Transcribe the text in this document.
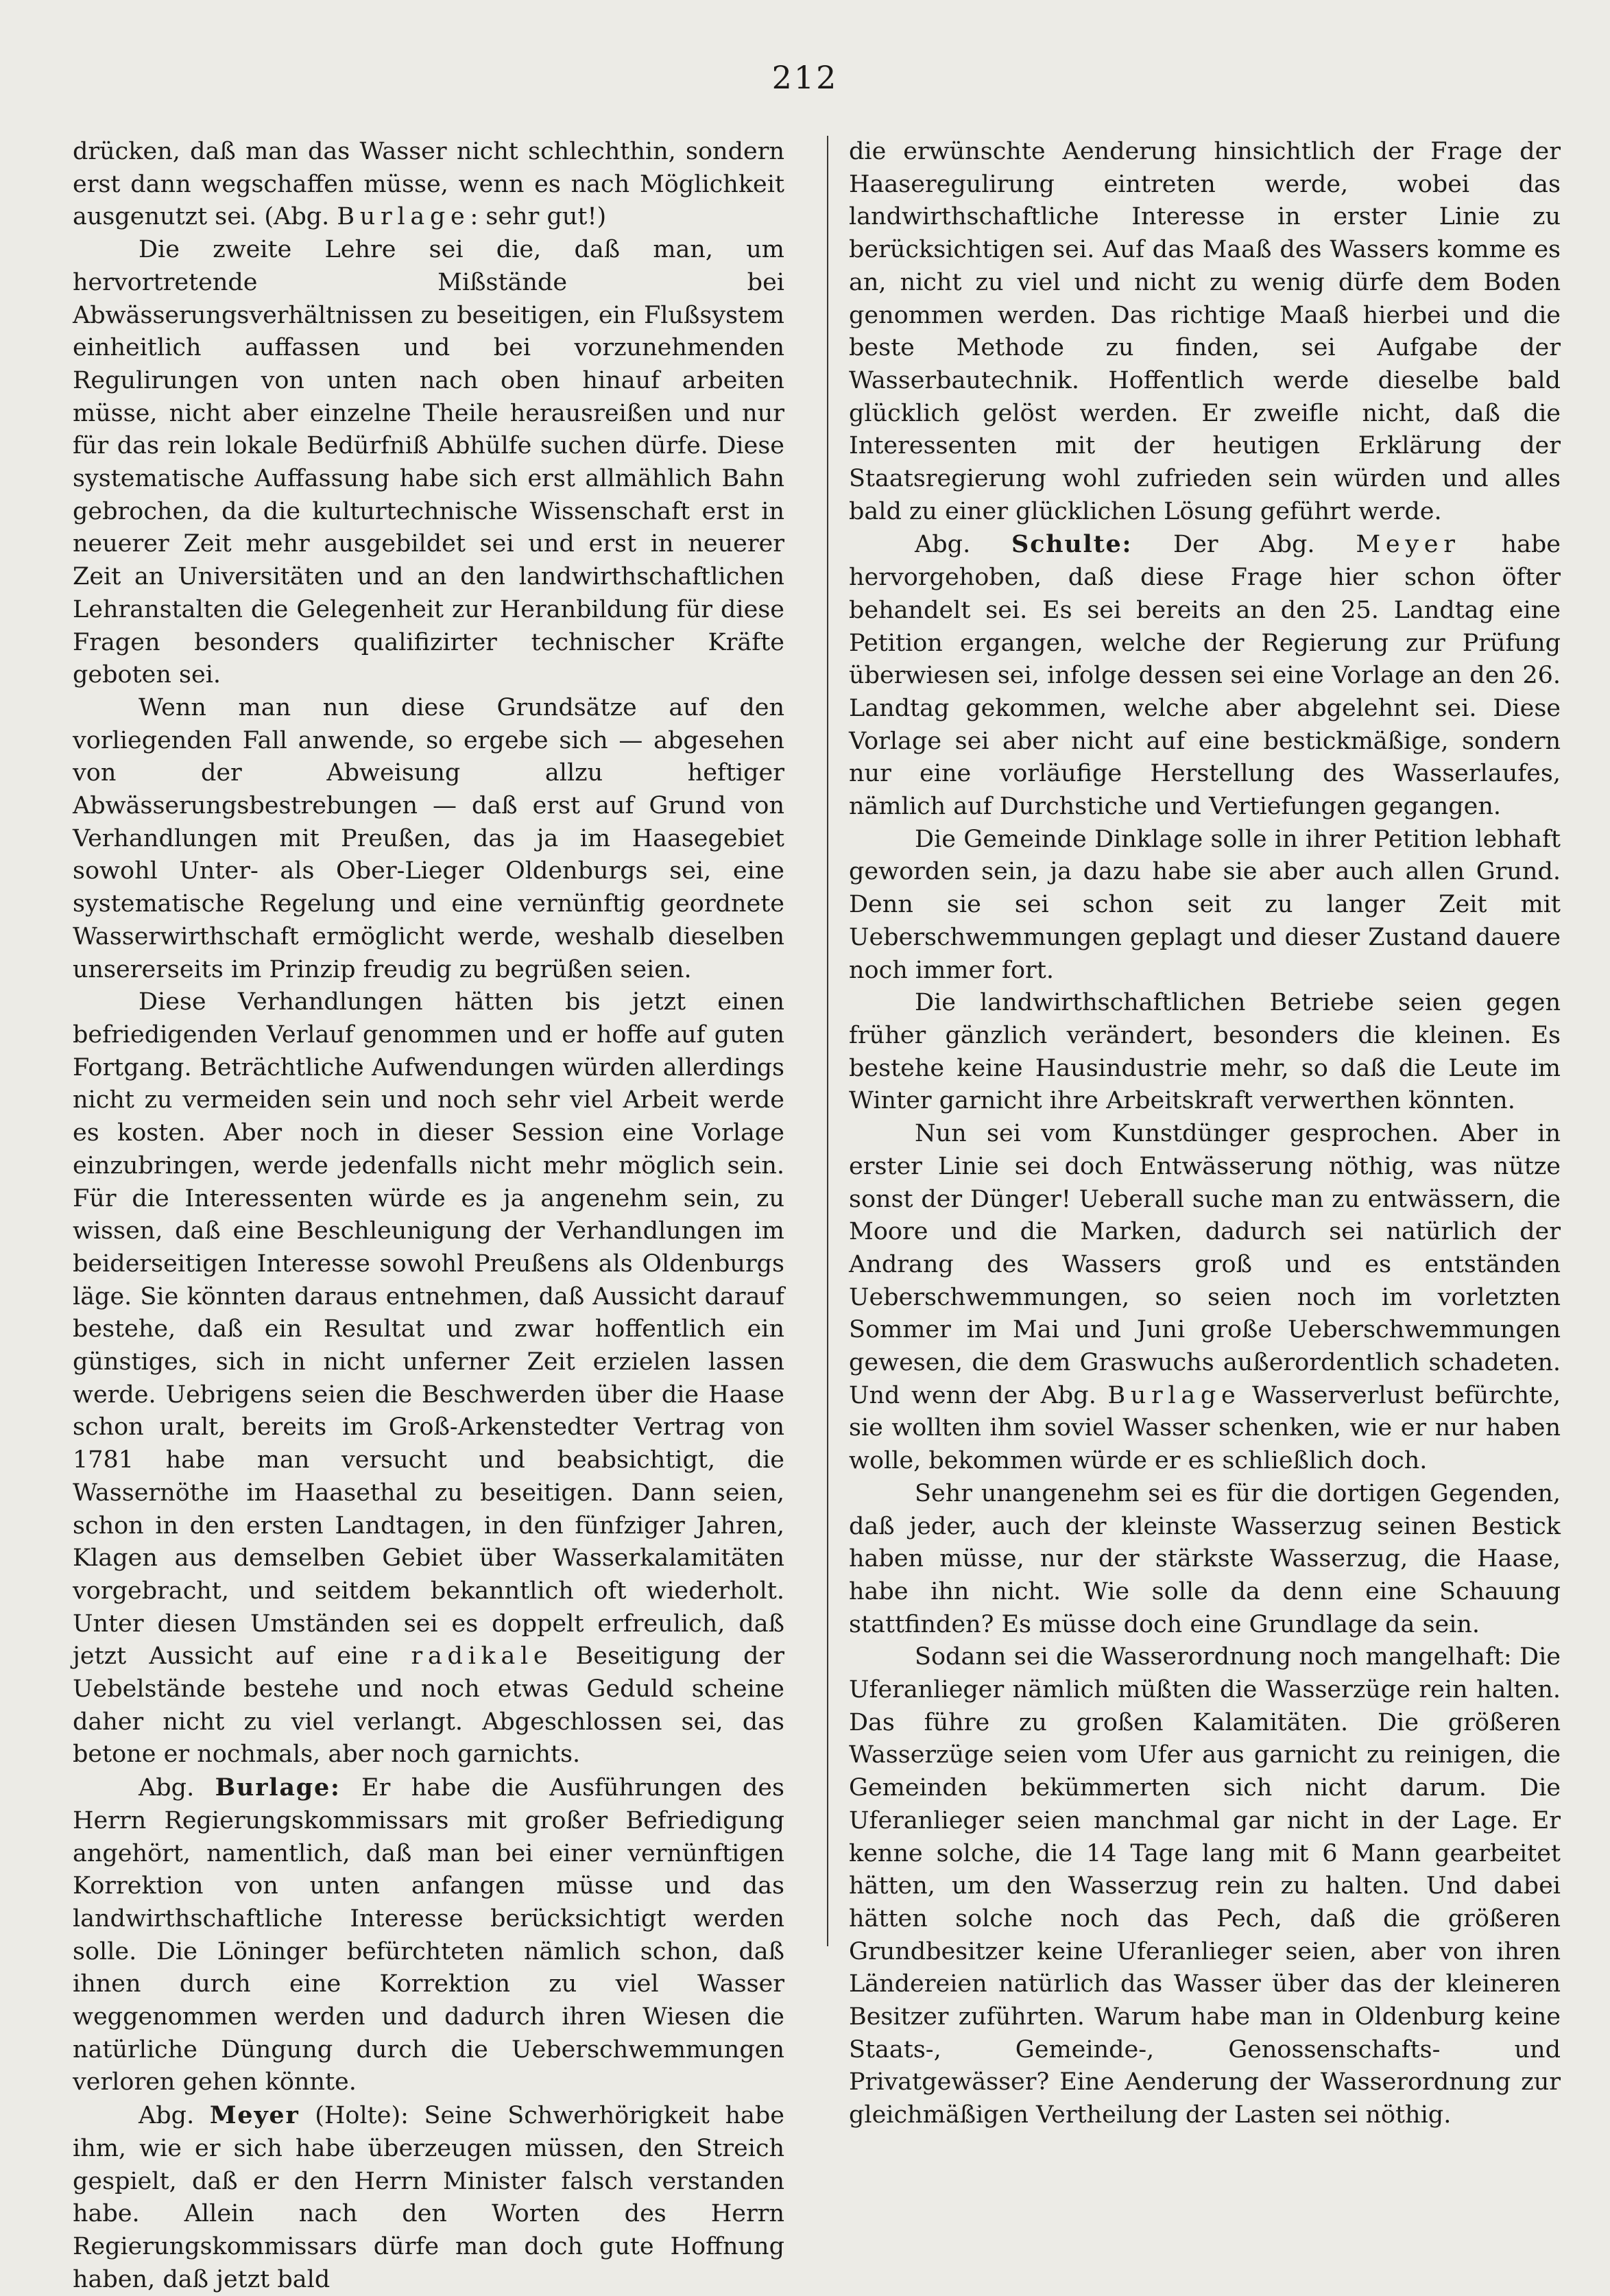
212

drücken, daß man das Wasser nicht schlechthin, sondern erst dann wegschaffen müsse, wenn es nach Möglichkeit ausgenutzt sei. (Abg. Burlage: sehr gut!)

Die zweite Lehre sei die, daß man, um hervortretende Mißstände bei Abwässerungsverhältnissen zu beseitigen, ein Flußsystem einheitlich auffassen und bei vorzunehmenden Regulirungen von unten nach oben hinauf arbeiten müsse, nicht aber einzelne Theile herausreißen und nur für das rein lokale Bedürfniß Abhülfe suchen dürfe. Diese systematische Auffassung habe sich erst allmählich Bahn gebrochen, da die kulturtechnische Wissenschaft erst in neuerer Zeit mehr ausgebildet sei und erst in neuerer Zeit an Universitäten und an den landwirthschaftlichen Lehranstalten die Gelegenheit zur Heranbildung für diese Fragen besonders qualifizirter technischer Kräfte geboten sei.

Wenn man nun diese Grundsätze auf den vorliegenden Fall anwende, so ergebe sich — abgesehen von der Abweisung allzu heftiger Abwässerungsbestrebungen — daß erst auf Grund von Verhandlungen mit Preußen, das ja im Haasegebiet sowohl Unter- als Ober-Lieger Oldenburgs sei, eine systematische Regelung und eine vernünftig geordnete Wasserwirthschaft ermöglicht werde, weshalb dieselben unsererseits im Prinzip freudig zu begrüßen seien.

Diese Verhandlungen hätten bis jetzt einen befriedigenden Verlauf genommen und er hoffe auf guten Fortgang. Beträchtliche Aufwendungen würden allerdings nicht zu vermeiden sein und noch sehr viel Arbeit werde es kosten. Aber noch in dieser Session eine Vorlage einzubringen, werde jedenfalls nicht mehr möglich sein. Für die Interessenten würde es ja angenehm sein, zu wissen, daß eine Beschleunigung der Verhandlungen im beiderseitigen Interesse sowohl Preußens als Oldenburgs läge. Sie könnten daraus entnehmen, daß Aussicht darauf bestehe, daß ein Resultat und zwar hoffentlich ein günstiges, sich in nicht unferner Zeit erzielen lassen werde. Uebrigens seien die Beschwerden über die Haase schon uralt, bereits im Groß-Arkenstedter Vertrag von 1781 habe man versucht und beabsichtigt, die Wassernöthe im Haasethal zu beseitigen. Dann seien, schon in den ersten Landtagen, in den fünfziger Jahren, Klagen aus demselben Gebiet über Wasserkalamitäten vorgebracht, und seitdem bekanntlich oft wiederholt. Unter diesen Umständen sei es doppelt erfreulich, daß jetzt Aussicht auf eine radikale Beseitigung der Uebelstände bestehe und noch etwas Geduld scheine daher nicht zu viel verlangt. Abgeschlossen sei, das betone er nochmals, aber noch garnichts.

Abg. Burlage: Er habe die Ausführungen des Herrn Regierungskommissars mit großer Befriedigung angehört, namentlich, daß man bei einer vernünftigen Korrektion von unten anfangen müsse und das landwirthschaftliche Interesse berücksichtigt werden solle. Die Löninger befürchteten nämlich schon, daß ihnen durch eine Korrektion zu viel Wasser weggenommen werden und dadurch ihren Wiesen die natürliche Düngung durch die Ueberschwemmungen verloren gehen könnte.

Abg. Meyer (Holte): Seine Schwerhörigkeit habe ihm, wie er sich habe überzeugen müssen, den Streich gespielt, daß er den Herrn Minister falsch verstanden habe. Allein nach den Worten des Herrn Regierungskommissars dürfe man doch gute Hoffnung haben, daß jetzt bald

die erwünschte Aenderung hinsichtlich der Frage der Haaseregulirung eintreten werde, wobei das landwirthschaftliche Interesse in erster Linie zu berücksichtigen sei. Auf das Maaß des Wassers komme es an, nicht zu viel und nicht zu wenig dürfe dem Boden genommen werden. Das richtige Maaß hierbei und die beste Methode zu finden, sei Aufgabe der Wasserbautechnik. Hoffentlich werde dieselbe bald glücklich gelöst werden. Er zweifle nicht, daß die Interessenten mit der heutigen Erklärung der Staatsregierung wohl zufrieden sein würden und alles bald zu einer glücklichen Lösung geführt werde.

Abg. Schulte: Der Abg. Meyer habe hervorgehoben, daß diese Frage hier schon öfter behandelt sei. Es sei bereits an den 25. Landtag eine Petition ergangen, welche der Regierung zur Prüfung überwiesen sei, infolge dessen sei eine Vorlage an den 26. Landtag gekommen, welche aber abgelehnt sei. Diese Vorlage sei aber nicht auf eine bestickmäßige, sondern nur eine vorläufige Herstellung des Wasserlaufes, nämlich auf Durchstiche und Vertiefungen gegangen.

Die Gemeinde Dinklage solle in ihrer Petition lebhaft geworden sein, ja dazu habe sie aber auch allen Grund. Denn sie sei schon seit zu langer Zeit mit Ueberschwemmungen geplagt und dieser Zustand dauere noch immer fort.

Die landwirthschaftlichen Betriebe seien gegen früher gänzlich verändert, besonders die kleinen. Es bestehe keine Hausindustrie mehr, so daß die Leute im Winter garnicht ihre Arbeitskraft verwerthen könnten.

Nun sei vom Kunstdünger gesprochen. Aber in erster Linie sei doch Entwässerung nöthig, was nütze sonst der Dünger! Ueberall suche man zu entwässern, die Moore und die Marken, dadurch sei natürlich der Andrang des Wassers groß und es entständen Ueberschwemmungen, so seien noch im vorletzten Sommer im Mai und Juni große Ueberschwemmungen gewesen, die dem Graswuchs außerordentlich schadeten. Und wenn der Abg. Burlage Wasserverlust befürchte, sie wollten ihm soviel Wasser schenken, wie er nur haben wolle, bekommen würde er es schließlich doch.

Sehr unangenehm sei es für die dortigen Gegenden, daß jeder, auch der kleinste Wasserzug seinen Bestick haben müsse, nur der stärkste Wasserzug, die Haase, habe ihn nicht. Wie solle da denn eine Schauung stattfinden? Es müsse doch eine Grundlage da sein.

Sodann sei die Wasserordnung noch mangelhaft: Die Uferanlieger nämlich müßten die Wasserzüge rein halten. Das führe zu großen Kalamitäten. Die größeren Wasserzüge seien vom Ufer aus garnicht zu reinigen, die Gemeinden bekümmerten sich nicht darum. Die Uferanlieger seien manchmal gar nicht in der Lage. Er kenne solche, die 14 Tage lang mit 6 Mann gearbeitet hätten, um den Wasserzug rein zu halten. Und dabei hätten solche noch das Pech, daß die größeren Grundbesitzer keine Uferanlieger seien, aber von ihren Ländereien natürlich das Wasser über das der kleineren Besitzer zuführten. Warum habe man in Oldenburg keine Staats-, Gemeinde-, Genossenschafts- und Privatgewässer? Eine Aenderung der Wasserordnung zur gleichmäßigen Vertheilung der Lasten sei nöthig.
